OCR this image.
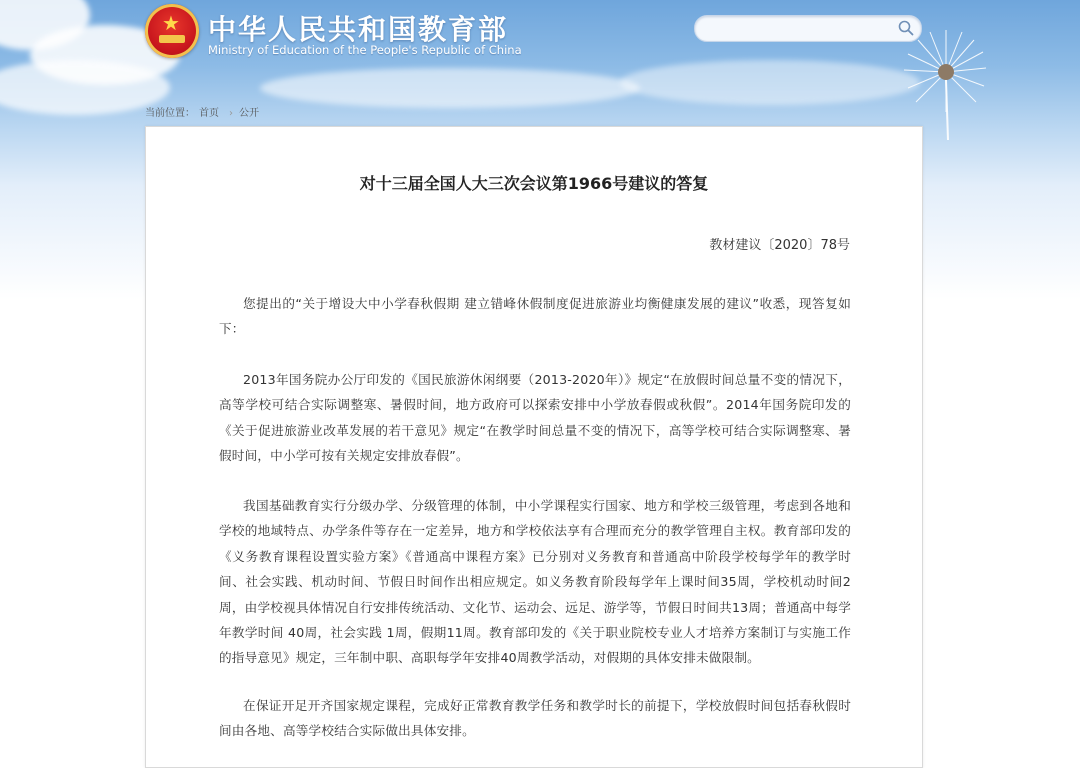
★ 中华人民共和国教育部
Ministry of Education of the People's Republic of China
当前位置： 首页 › 公开
对十三届全国人大三次会议第1966号建议的答复
教材建议〔2020〕78号

您提出的“关于增设大中小学春秋假期 建立错峰休假制度促进旅游业均衡健康发展的建议”收悉，现答复如下：

2013年国务院办公厅印发的《国民旅游休闲纲要（2013-2020年）》规定“在放假时间总量不变的情况下，高等学校可结合实际调整寒、暑假时间，地方政府可以探索安排中小学放春假或秋假”。2014年国务院印发的《关于促进旅游业改革发展的若干意见》规定“在教学时间总量不变的情况下，高等学校可结合实际调整寒、暑假时间，中小学可按有关规定安排放春假”。

我国基础教育实行分级办学、分级管理的体制，中小学课程实行国家、地方和学校三级管理，考虑到各地和学校的地域特点、办学条件等存在一定差异，地方和学校依法享有合理而充分的教学管理自主权。教育部印发的《义务教育课程设置实验方案》《普通高中课程方案》已分别对义务教育和普通高中阶段学校每学年的教学时间、社会实践、机动时间、节假日时间作出相应规定。如义务教育阶段每学年上课时间35周，学校机动时间2周，由学校视具体情况自行安排传统活动、文化节、运动会、远足、游学等，节假日时间共13周；普通高中每学年教学时间 40周，社会实践 1周，假期11周。教育部印发的《关于职业院校专业人才培养方案制订与实施工作的指导意见》规定，三年制中职、高职每学年安排40周教学活动，对假期的具体安排未做限制。

在保证开足开齐国家规定课程，完成好正常教育教学任务和教学时长的前提下，学校放假时间包括春秋假时间由各地、高等学校结合实际做出具体安排。
